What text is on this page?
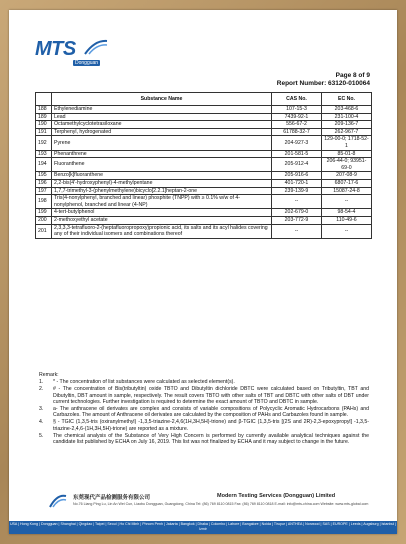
MTS
Dongguan
Page 8 of 9
Report Number: 63120-010064
	Substance Name	CAS No.	EC No.
188	Ethylenediamine	107-15-3	203-468-6
189	Lead	7439-92-1	231-100-4
190	Octamethylcyclotetrasiloxane	556-67-2	209-136-7
191	Terphenyl, hydrogenated	61788-32-7	262-967-7
192	Pyrene	204-927-3	129-00-0; 1718-52-1
193	Phenanthrene	201-581-5	85-01-8
194	Fluoranthene	205-912-4	206-44-0; 93951-69-0
195	Benzo[k]fluoranthene	205-916-6	207-08-9
196	2,2-bis(4'-hydroxyphenyl)-4-methylpentane	401-720-1	6807-17-6
197	1,7,7-trimethyl-3-(phenylmethylene)bicyclo[2.2.1]heptan-2-one	239-139-9	15087-24-8
198	Tris(4-nonylphenyl, branched and linear) phosphite (TNPP) with ≥ 0.1% w/w of 4-nonylphenol, branched and linear (4-NP)	--	--
199	4-tert-butylphenol	202-679-0	98-54-4
200	2-methoxyethyl acetate	203-772-9	110-49-6
201	2,3,3,3-tetrafluoro-2-(heptafluoropropoxy)propionic acid, its salts and its acyl halides covering any of their individual isomers and combinations thereof	--	--
Remark:
1.	* - The concentration of list substances were calculated as selected element(s).
2.	# - The concentration of Bis(tributyltin) oxide TBTO and Dibutyltin dichloride DBTC were calculated based on Tributyltin, TBT and Dibutyltin, DBT amount in sample, respectively. The result covers TBTO with other salts of TBT and DBTC with other salts of DBT under current technologies. Further investigation is required to determine the exact amount of TBTO and DBTC in sample.
3.	a- The anthracene oil derivates are complex and consists of variable compositions of Polycyclic Aromatic Hydrocarbons (PAHs) and Carbazoles. The amount of Anthracene oil derivates are calculated by the composition of PAHs and Carbazoles found in sample.
4.	§ - TGIC (1,3,5-tris (oxiranylmethyl) -1,3,5-triazine-2,4,6(1H,3H,5H)-trione) and β-TGIC (1,3,5-tris [(2S and 2R)-2,3-epoxypropyl] -1,3,5-triazine-2,4,6-(1H,3H,5H)-trione) are reported as a mixture.
5.	The chemical analysis of the Substance of Very High Concern is performed by currently available analytical techniques against the candidate list published by ECHA on July 16, 2019. This list was not finalized by ECHA and it may subject to change in the future.
东莞现代产品检测服务有限公司	Modern Testing Services (Dongguan) Limited
No.76 Liang Ping Lu, Lin An Wei Cun, Liaobu Dongguan, Guangdong, China Tel: (86) 769 8110 0815 Fax: (86) 769 8110 0818 E-mail: info@mts-china.com Website: www.mts-global.com
USA | Hong Kong | Dongguan | Shanghai | Qingdao | Taipei | Seoul | Ho Chi Minh | Phnom Penh | Jakarta | Bangkok | Dhaka | Colombo | Lahore | Bangalore | Noida | Tirupur | ANTHEA | Norwood | SAS | EUROPE | Leeds | Augsburg | Istanbul | Izmir
